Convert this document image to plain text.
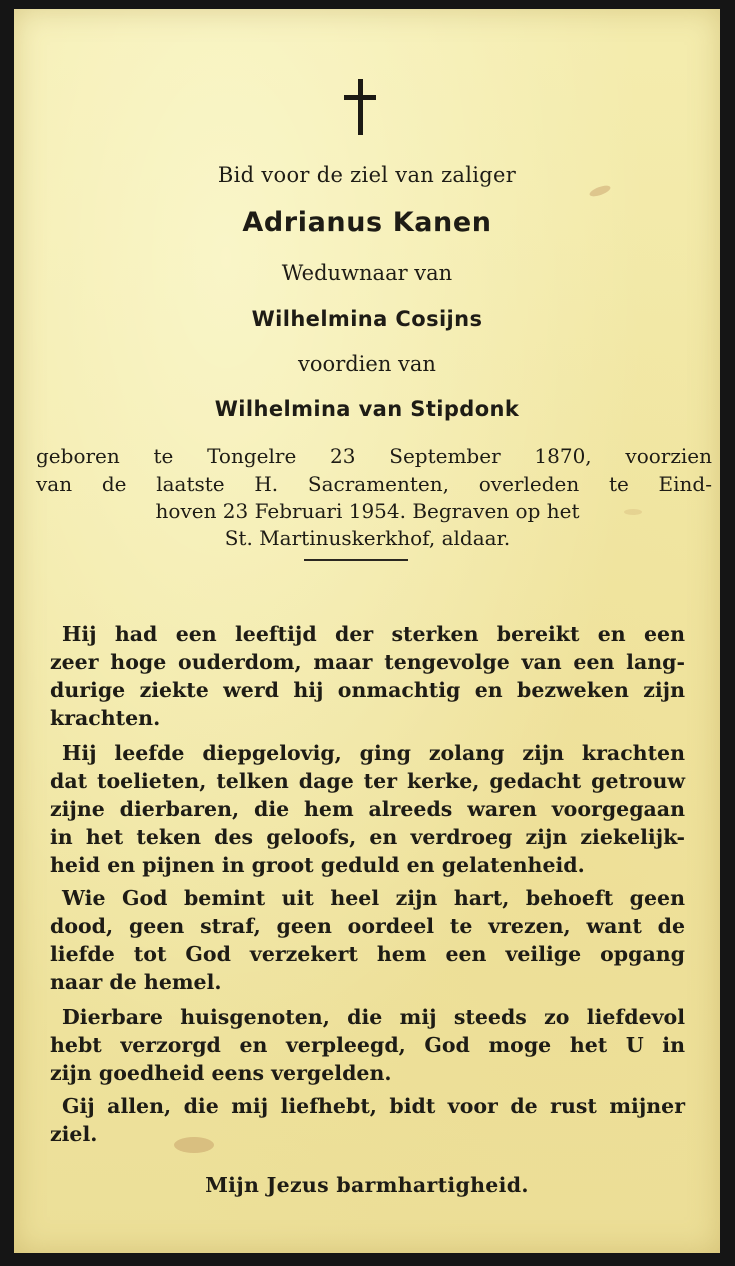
Bid voor de ziel van zaliger
Adrianus Kanen
Weduwnaar van
Wilhelmina Cosijns
voordien van
Wilhelmina van Stipdonk
geboren te Tongelre 23 September 1870, voorzien
van de laatste H. Sacramenten, overleden te Eind-
hoven 23 Februari 1954. Begraven op het
St. Martinuskerkhof, aldaar.
Hij had een leeftijd der sterken bereikt en een
zeer hoge ouderdom, maar tengevolge van een lang-
durige ziekte werd hij onmachtig en bezweken zijn
krachten.
Hij leefde diepgelovig, ging zolang zijn krachten
dat toelieten, telken dage ter kerke, gedacht getrouw
zijne dierbaren, die hem alreeds waren voorgegaan
in het teken des geloofs, en verdroeg zijn ziekelijk-
heid en pijnen in groot geduld en gelatenheid.
Wie God bemint uit heel zijn hart, behoeft geen
dood, geen straf, geen oordeel te vrezen, want de
liefde tot God verzekert hem een veilige opgang
naar de hemel.
Dierbare huisgenoten, die mij steeds zo liefdevol
hebt verzorgd en verpleegd, God moge het U in
zijn goedheid eens vergelden.
Gij allen, die mij liefhebt, bidt voor de rust mijner
ziel.
Mijn Jezus barmhartigheid.
